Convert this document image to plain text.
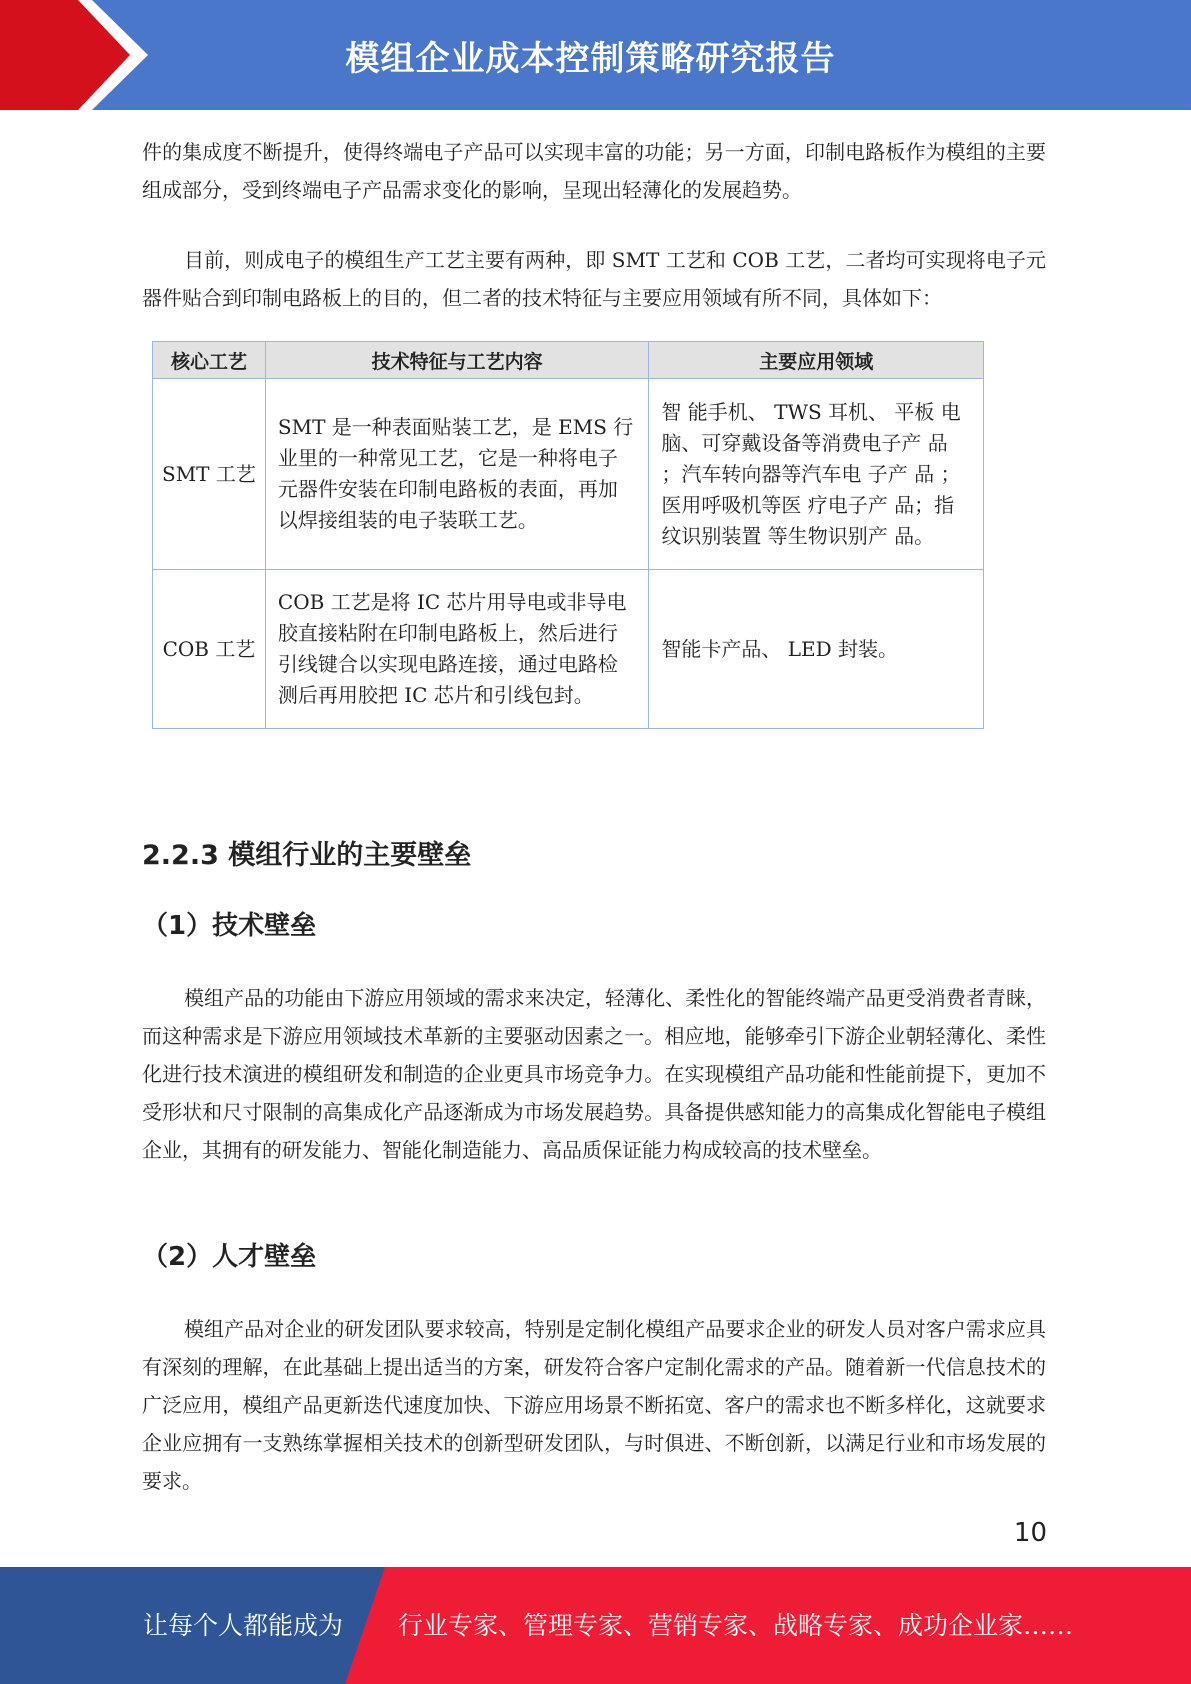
模组企业成本控制策略研究报告

件的集成度不断提升，使得终端电子产品可以实现丰富的功能；另一方面，印制电路板作为模组的主要组成部分，受到终端电子产品需求变化的影响，呈现出轻薄化的发展趋势。

目前，则成电子的模组生产工艺主要有两种，即 SMT 工艺和 COB 工艺，二者均可实现将电子元器件贴合到印制电路板上的目的，但二者的技术特征与主要应用领域有所不同，具体如下：

核心工艺	技术特征与工艺内容	主要应用领域
SMT 工艺	SMT 是一种表面贴装工艺，是 EMS 行 业里的一种常见工艺，它是一种将电子 元器件安装在印制电路板的表面，再加 以焊接组装的电子装联工艺。	智 能手机、 TWS 耳机、 平板 电脑、可穿戴设备等消费电子产 品 ；汽车转向器等汽车电 子产 品 ； 医用呼吸机等医 疗电子产 品；指纹识别装置 等生物识别产 品。
COB 工艺	COB 工艺是将 IC 芯片用导电或非导电 胶直接粘附在印制电路板上，然后进行 引线键合以实现电路连接，通过电路检 测后再用胶把 IC 芯片和引线包封。	智能卡产品、 LED 封装。
2.2.3 模组行业的主要壁垒
（1）技术壁垒

模组产品的功能由下游应用领域的需求来决定，轻薄化、柔性化的智能终端产品更受消费者青睐，而这种需求是下游应用领域技术革新的主要驱动因素之一。相应地，能够牵引下游企业朝轻薄化、柔性化进行技术演进的模组研发和制造的企业更具市场竞争力。在实现模组产品功能和性能前提下，更加不受形状和尺寸限制的高集成化产品逐渐成为市场发展趋势。具备提供感知能力的高集成化智能电子模组企业，其拥有的研发能力、智能化制造能力、高品质保证能力构成较高的技术壁垒。

（2）人才壁垒

模组产品对企业的研发团队要求较高，特别是定制化模组产品要求企业的研发人员对客户需求应具有深刻的理解，在此基础上提出适当的方案，研发符合客户定制化需求的产品。随着新一代信息技术的广泛应用，模组产品更新迭代速度加快、下游应用场景不断拓宽、客户的需求也不断多样化，这就要求企业应拥有一支熟练掌握相关技术的创新型研发团队，与时俱进、不断创新，以满足行业和市场发展的要求。

10
让每个人都能成为 行业专家、管理专家、营销专家、战略专家、成功企业家……
